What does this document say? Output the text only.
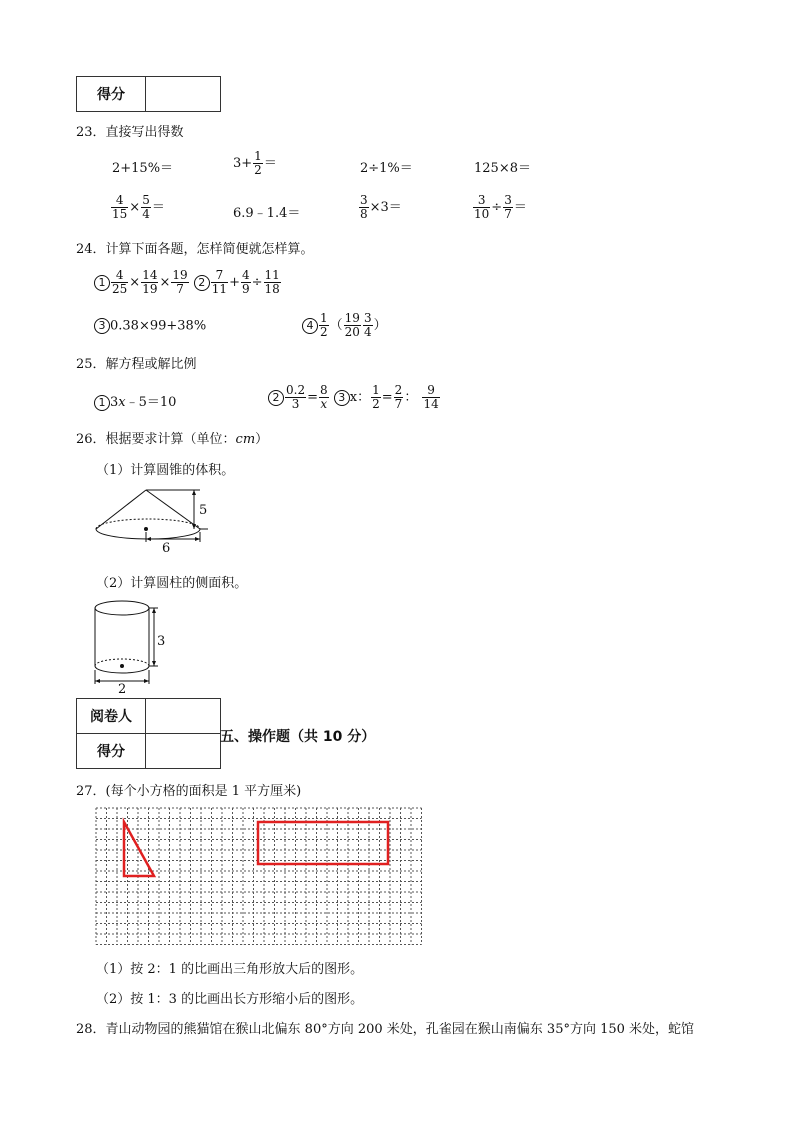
得分	
23．直接写出得数
2+15%＝	$3+ \frac{1}{2}$ ＝	2÷1%＝	125×8＝
$\frac{4}{15} \times \frac{5}{4}$ ＝	6.9﹣1.4＝	$\frac{3}{8} \times 3=$	$\frac{3}{10} \div \frac{3}{7}$ ＝
24．计算下面各题，怎样简便就怎样算。
$1 \frac{4}{25} \times \frac{14}{19} \times \frac{19}{7} 2 \frac{7}{11} + \frac{4}{9} \div \frac{11}{18}$
3 0.38×99+38%	$4 \frac{1}{2}$ （ $\frac{19}{20} \frac{3}{4}$ ）
25．解方程或解比例
1 3x﹣5＝10	$2 \frac{0.2}{3} = \frac{8}{x} 3$ x： $\frac{1}{2} = \frac{2}{7}$ ： $\frac{9}{14}$
26．根据要求计算（单位：cm）
（1）计算圆锥的体积。
5
6
（2）计算圆柱的侧面积。
3
2
阅卷人	
得分	
五、操作题（共 10 分）
27．(每个小方格的面积是 1 平方厘米)
（1）按 2：1 的比画出三角形放大后的图形。
（2）按 1：3 的比画出长方形缩小后的图形。
28．青山动物园的熊猫馆在猴山北偏东 80°方向 200 米处，孔雀园在猴山南偏东 35°方向 150 米处，蛇馆
